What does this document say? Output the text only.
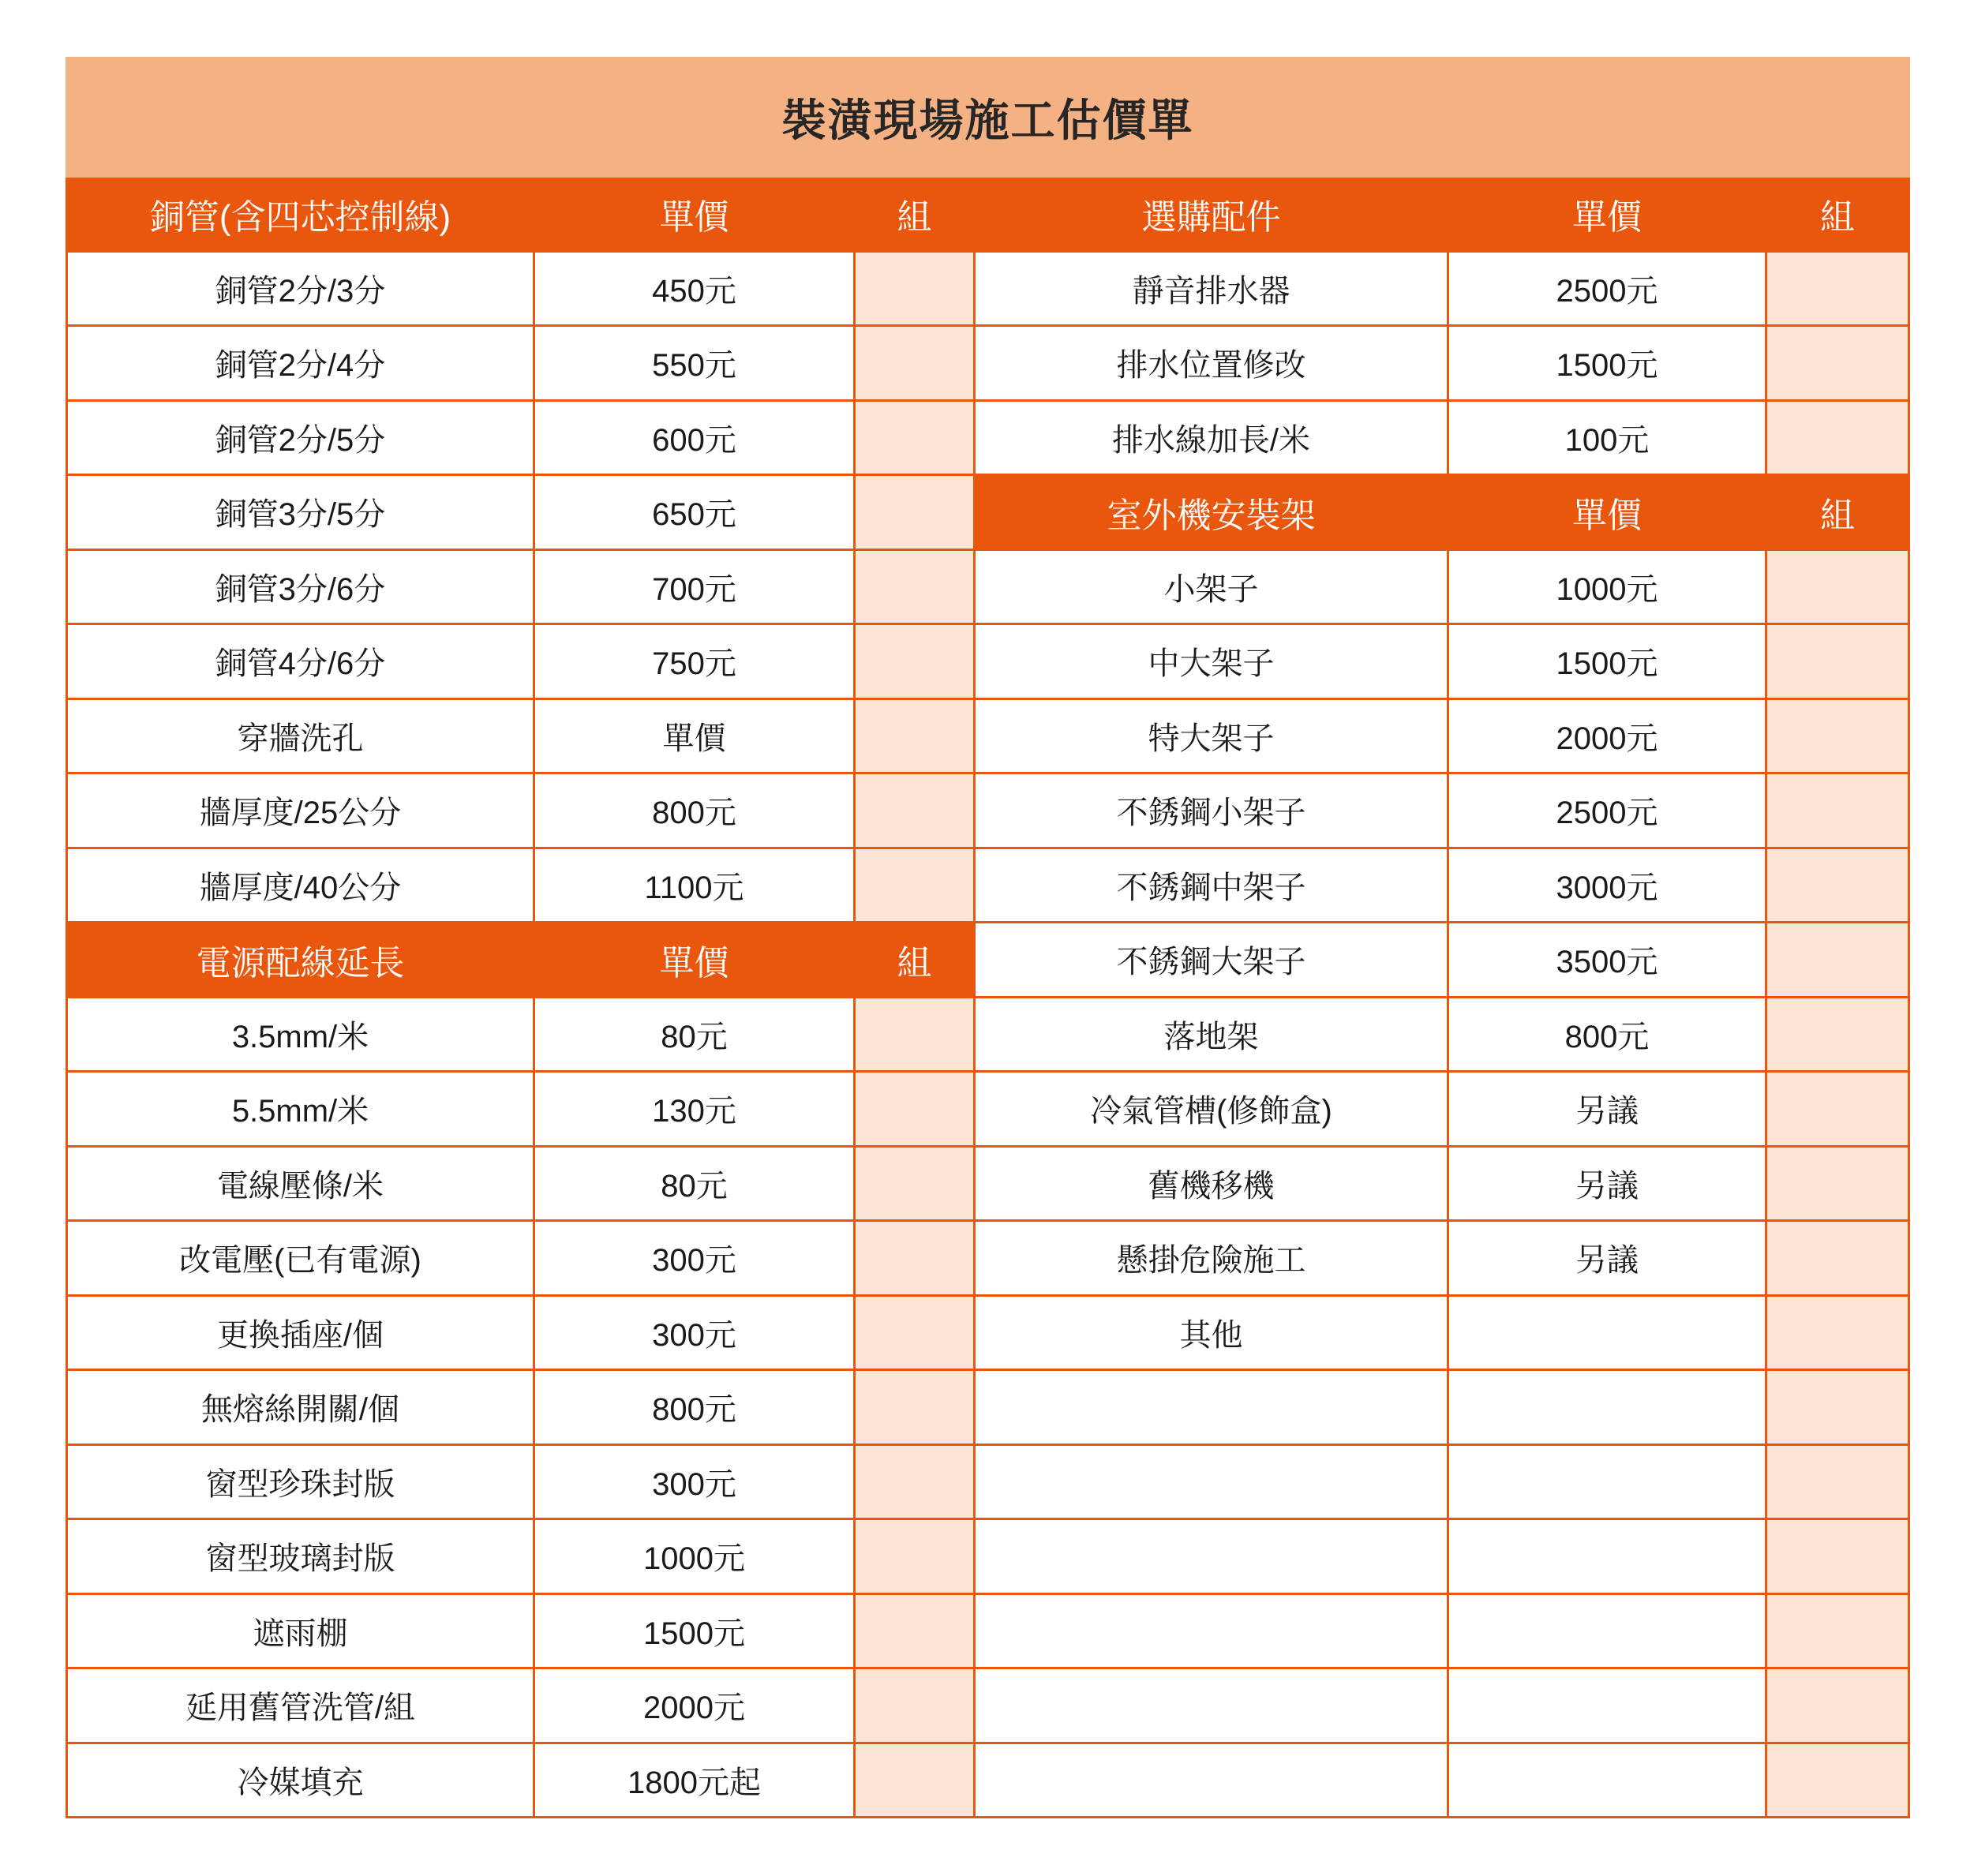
裝潢現場施工估價單
銅管(含四芯控制線)	單價	組
銅管2分/3分	450元
銅管2分/4分	550元
銅管2分/5分	600元
銅管3分/5分	650元
銅管3分/6分	700元
銅管4分/6分	750元
穿牆洗孔	單價
牆厚度/25公分	800元
牆厚度/40公分	1100元
電源配線延長	單價	組
3.5mm/米	80元
5.5mm/米	130元
電線壓條/米	80元
改電壓(已有電源)	300元
更換插座/個	300元
無熔絲開關/個	800元
窗型珍珠封版	300元
窗型玻璃封版	1000元
遮雨棚	1500元
延用舊管洗管/組	2000元
冷媒填充	1800元起
選購配件	單價	組
靜音排水器	2500元
排水位置修改	1500元
排水線加長/米	100元
室外機安裝架	單價	組
小架子	1000元
中大架子	1500元
特大架子	2000元
不銹鋼小架子	2500元
不銹鋼中架子	3000元
不銹鋼大架子	3500元
落地架	800元
冷氣管槽(修飾盒)	另議
舊機移機	另議
懸掛危險施工	另議
其他
